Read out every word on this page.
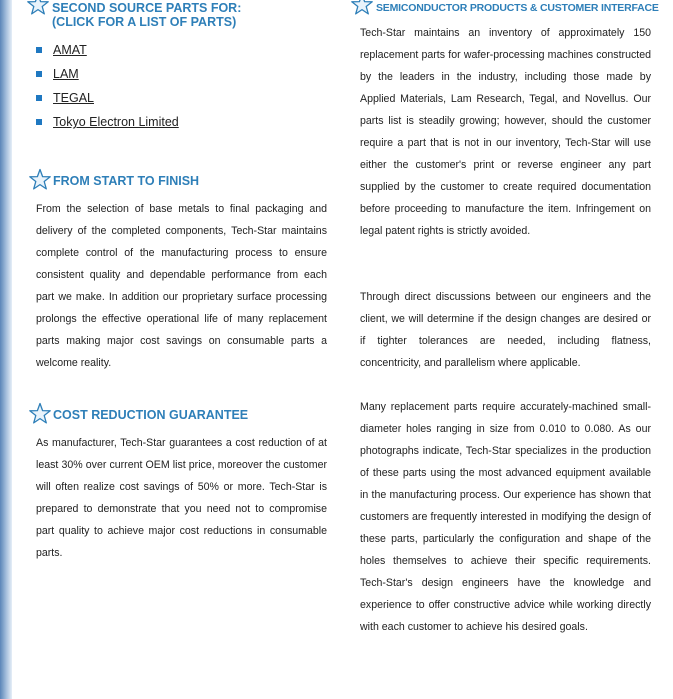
SECOND SOURCE PARTS FOR:
(CLICK FOR A LIST OF PARTS)
AMAT
LAM
TEGAL
Tokyo Electron Limited
FROM START TO FINISH

From the selection of base metals to final packaging and delivery of the completed components, Tech-Star maintains complete control of the manufacturing process to ensure consistent quality and dependable performance from each part we make. In addition our proprietary surface processing prolongs the effective operational life of many replacement parts making major cost savings on consumable parts a welcome reality.

COST REDUCTION GUARANTEE

As manufacturer, Tech-Star guarantees a cost reduction of at least 30% over current OEM list price, moreover the customer will often realize cost savings of 50% or more. Tech-Star is prepared to demonstrate that you need not to compromise part quality to achieve major cost reductions in consumable parts.

SEMICONDUCTOR PRODUCTS & CUSTOMER INTERFACE

Tech-Star maintains an inventory of approximately 150 replacement parts for wafer-processing machines constructed by the leaders in the industry, including those made by Applied Materials, Lam Research, Tegal, and Novellus. Our parts list is steadily growing; however, should the customer require a part that is not in our inventory, Tech-Star will use either the customer's print or reverse engineer any part supplied by the customer to create required documentation before proceeding to manufacture the item. Infringement on legal patent rights is strictly avoided.

Through direct discussions between our engineers and the client, we will determine if the design changes are desired or if tighter tolerances are needed, including flatness, concentricity, and parallelism where applicable.

Many replacement parts require accurately-machined small-diameter holes ranging in size from 0.010 to 0.080. As our photographs indicate, Tech-Star specializes in the production of these parts using the most advanced equipment available in the manufacturing process. Our experience has shown that customers are frequently interested in modifying the design of these parts, particularly the configuration and shape of the holes themselves to achieve their specific requirements. Tech-Star's design engineers have the knowledge and experience to offer constructive advice while working directly with each customer to achieve his desired goals.
